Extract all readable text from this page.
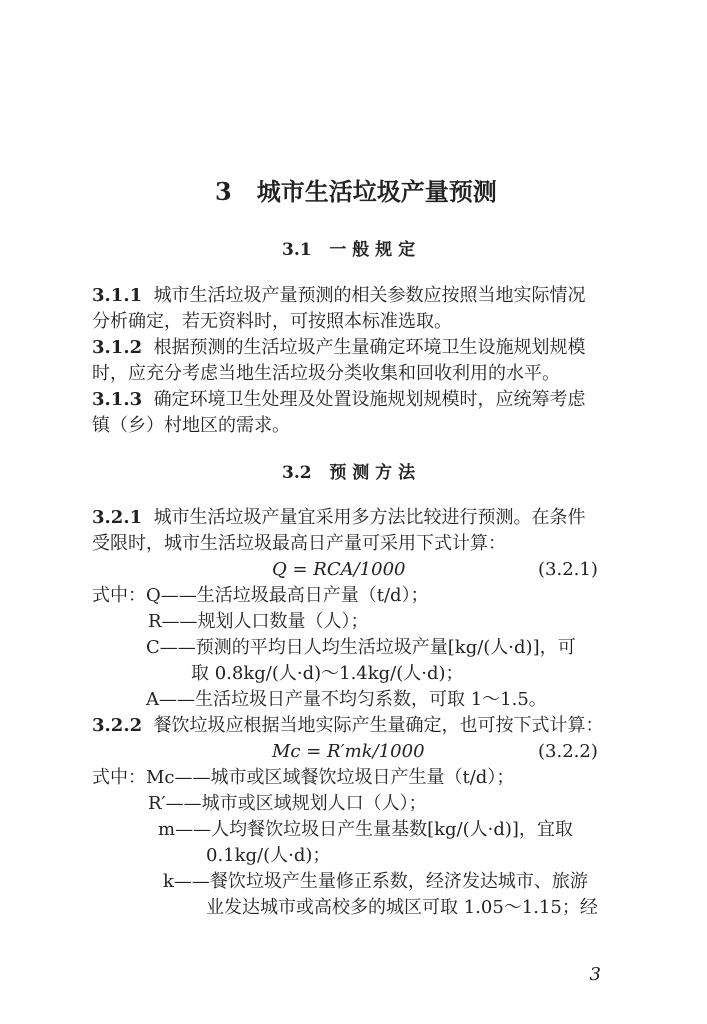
3 城市生活垃圾产量预测
3.1 一 般 规 定
3.1.1 城市生活垃圾产量预测的相关参数应按照当地实际情况
分析确定，若无资料时，可按照本标准选取。
3.1.2 根据预测的生活垃圾产生量确定环境卫生设施规划规模
时，应充分考虑当地生活垃圾分类收集和回收利用的水平。
3.1.3 确定环境卫生处理及处置设施规划规模时，应统筹考虑
镇（乡）村地区的需求。
3.2 预 测 方 法
3.2.1 城市生活垃圾产量宜采用多方法比较进行预测。在条件
受限时，城市生活垃圾最高日产量可采用下式计算：
Q = RCA/1000	(3.2.1)
式中：Q——生活垃圾最高日产量（t/d）；
R——规划人口数量（人）；
C——预测的平均日人均生活垃圾产量[kg/(人·d)]，可
取 0.8kg/(人·d)～1.4kg/(人·d)；
A——生活垃圾日产量不均匀系数，可取 1～1.5。
3.2.2 餐饮垃圾应根据当地实际产生量确定，也可按下式计算：
Mc = R′mk/1000	(3.2.2)
式中：Mc——城市或区域餐饮垃圾日产生量（t/d）；
R′——城市或区域规划人口（人）；
m——人均餐饮垃圾日产生量基数[kg/(人·d)]，宜取
0.1kg/(人·d)；
k——餐饮垃圾产生量修正系数，经济发达城市、旅游
业发达城市或高校多的城区可取 1.05～1.15；经
3
